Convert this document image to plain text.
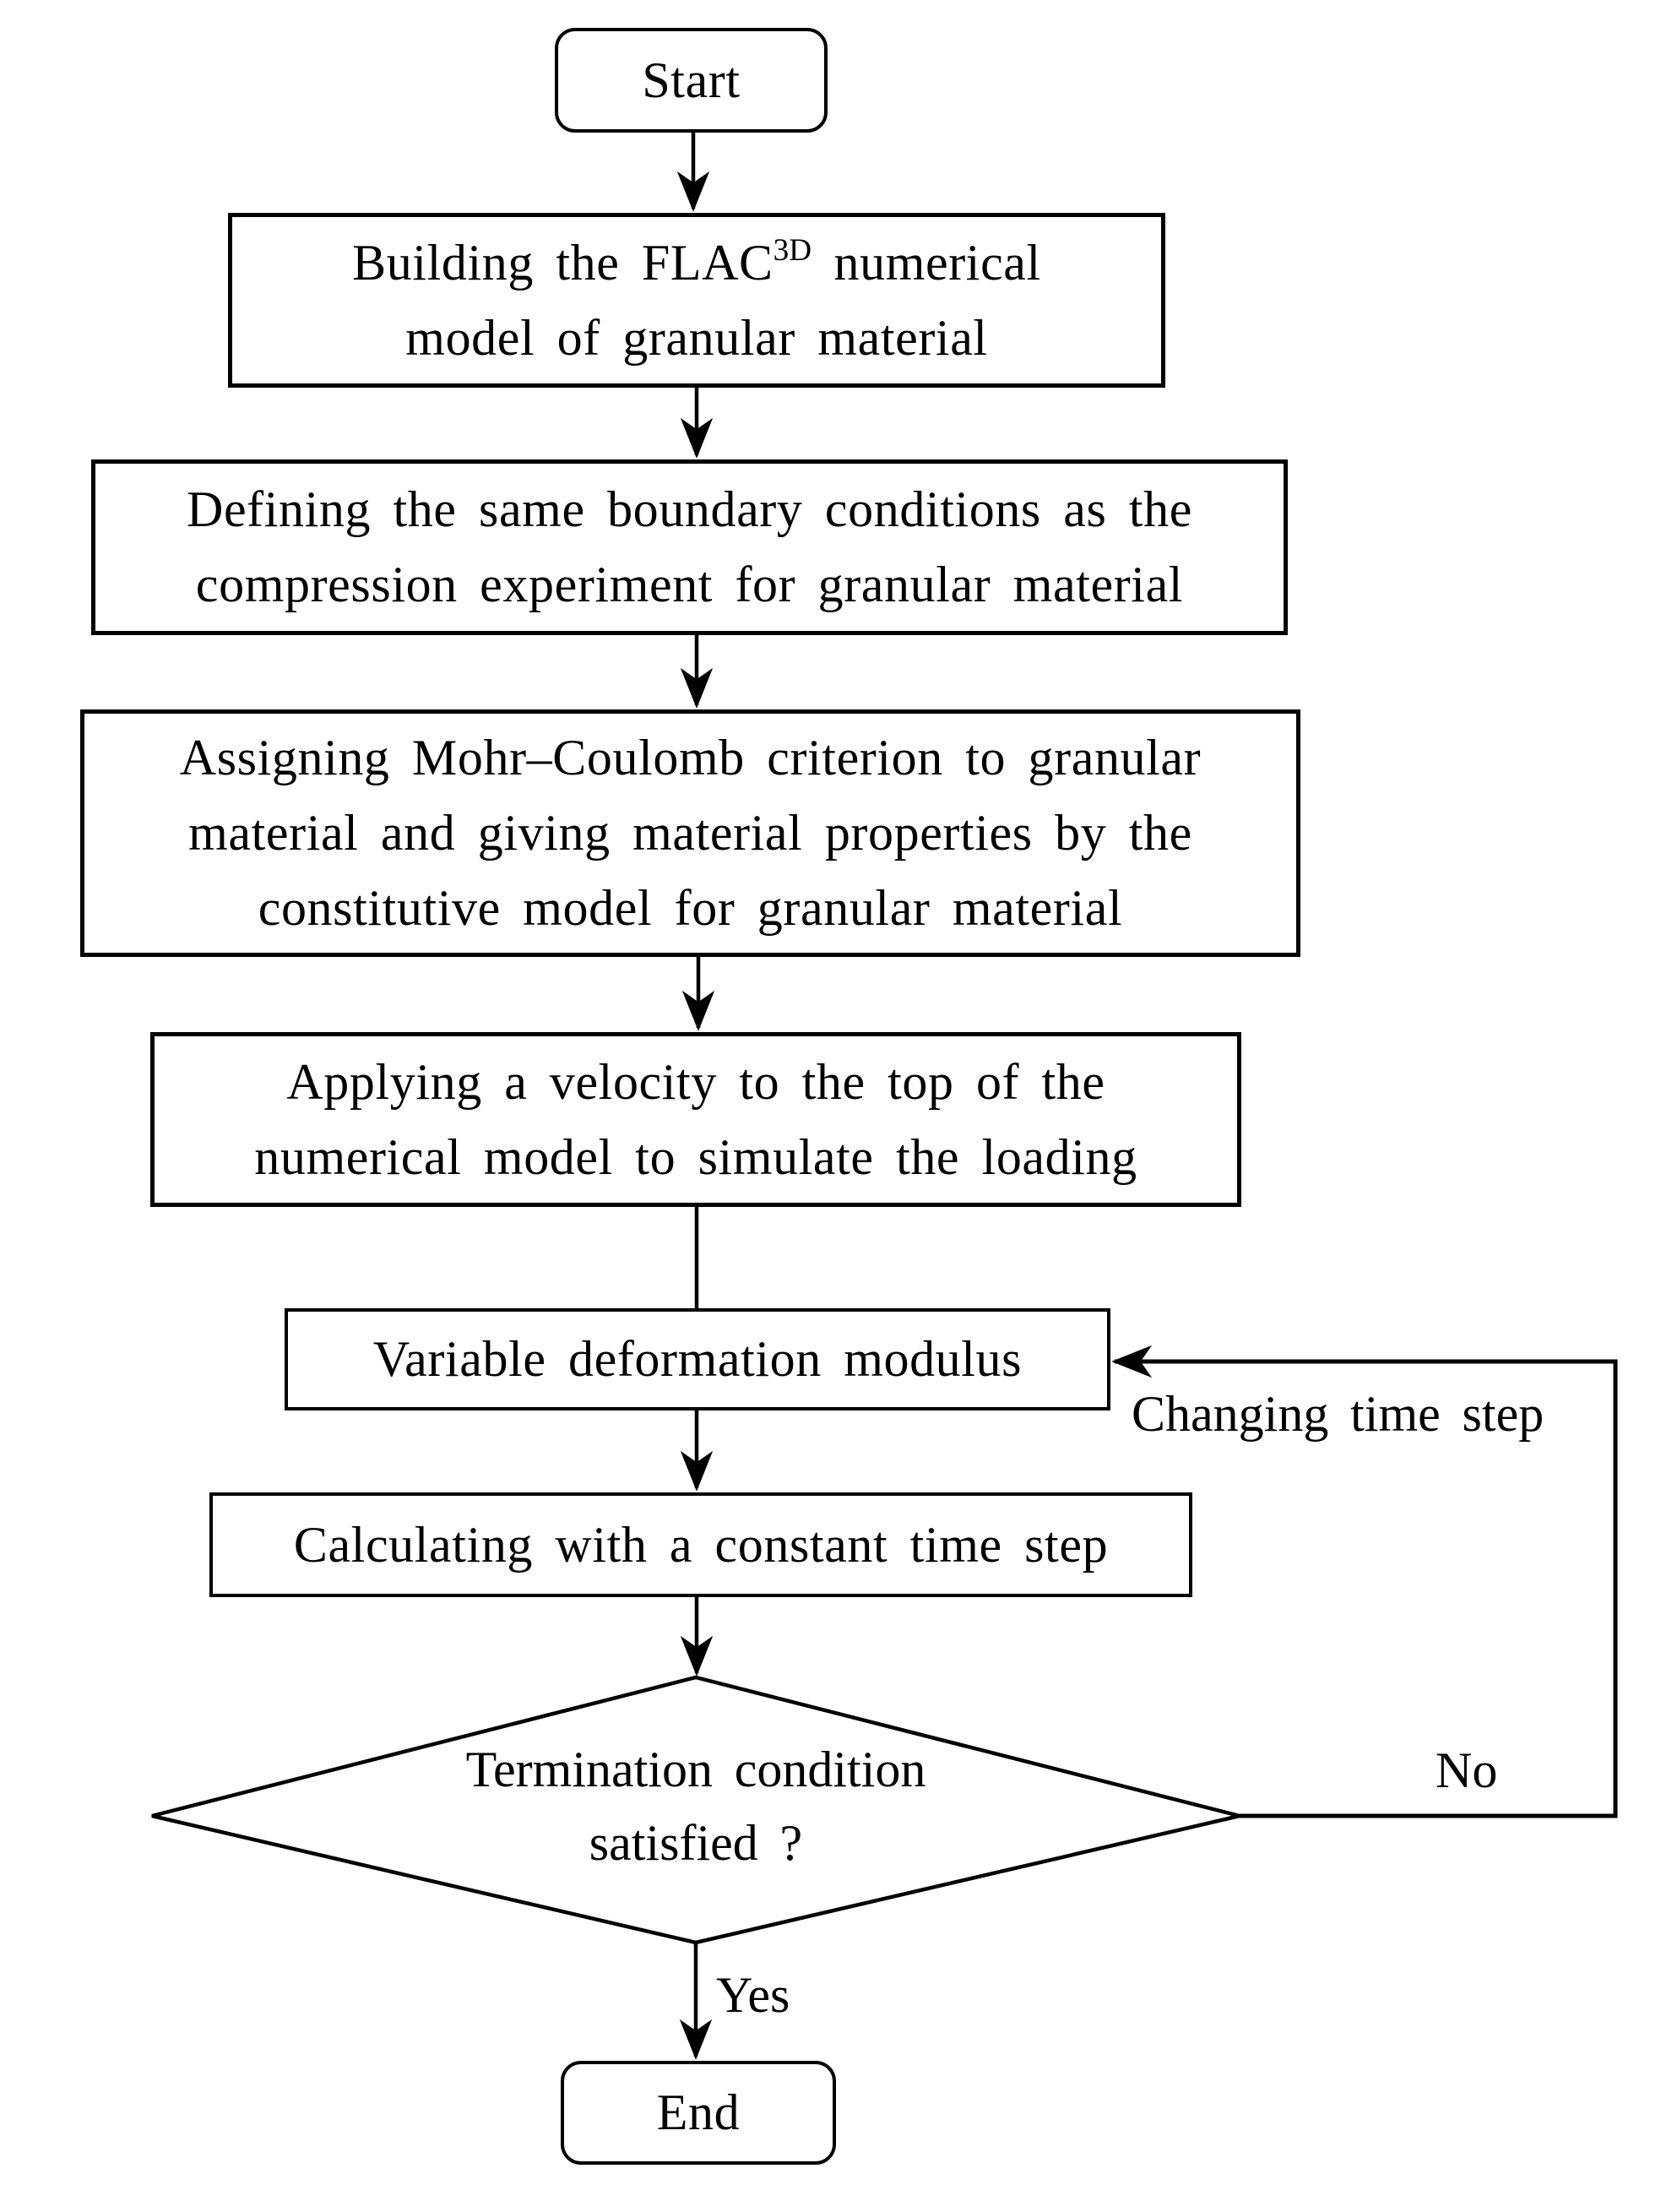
Start
Building the $FLAC^{3D}$ numerical
model of granular material
Defining the same boundary conditions as the
compression experiment for granular material
Assigning Mohr–Coulomb criterion to granular
material and giving material properties by the
constitutive model for granular material
Applying a velocity to the top of the
numerical model to simulate the loading
Variable deformation modulus
Calculating with a constant time step
Termination condition
satisfied ?
End
Changing time step
No
Yes
